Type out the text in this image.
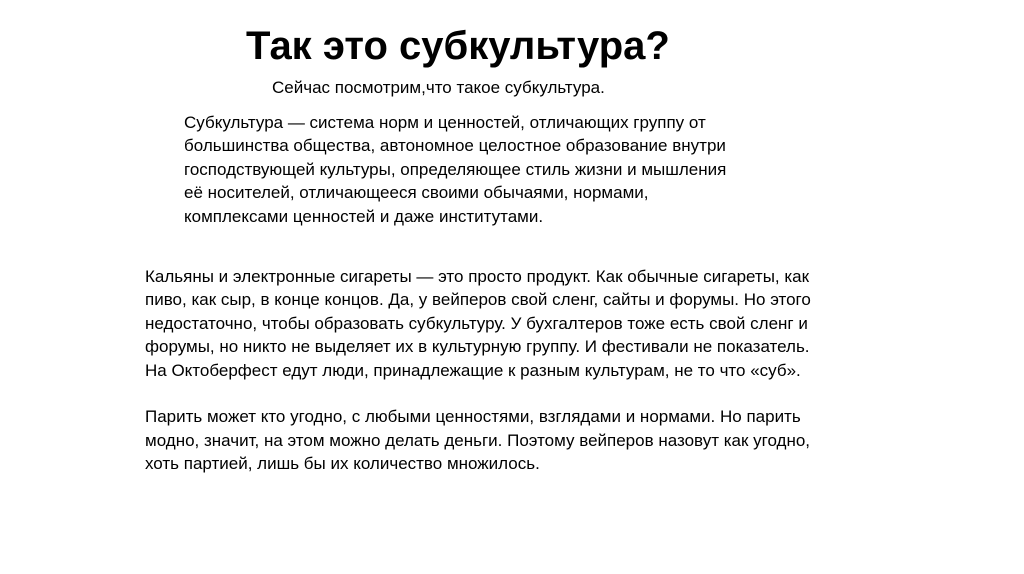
Так это субкультура?
Сейчас посмотрим,что такое субкультура.

Субкультура — система норм и ценностей, отличающих группу от
большинства общества, автономное целостное образование внутри
господствующей культуры, определяющее стиль жизни и мышления
её носителей, отличающееся своими обычаями, нормами,
комплексами ценностей и даже институтами.

Кальяны и электронные сигареты — это просто продукт. Как обычные сигареты, как
пиво, как сыр, в конце концов. Да, у вейперов свой сленг, сайты и форумы. Но этого
недостаточно, чтобы образовать субкультуру. У бухгалтеров тоже есть свой сленг и
форумы, но никто не выделяет их в культурную группу. И фестивали не показатель.
На Октоберфест едут люди, принадлежащие к разным культурам, не то что «суб».

Парить может кто угодно, с любыми ценностями, взглядами и нормами. Но парить
модно, значит, на этом можно делать деньги. Поэтому вейперов назовут как угодно,
хоть партией, лишь бы их количество множилось.
